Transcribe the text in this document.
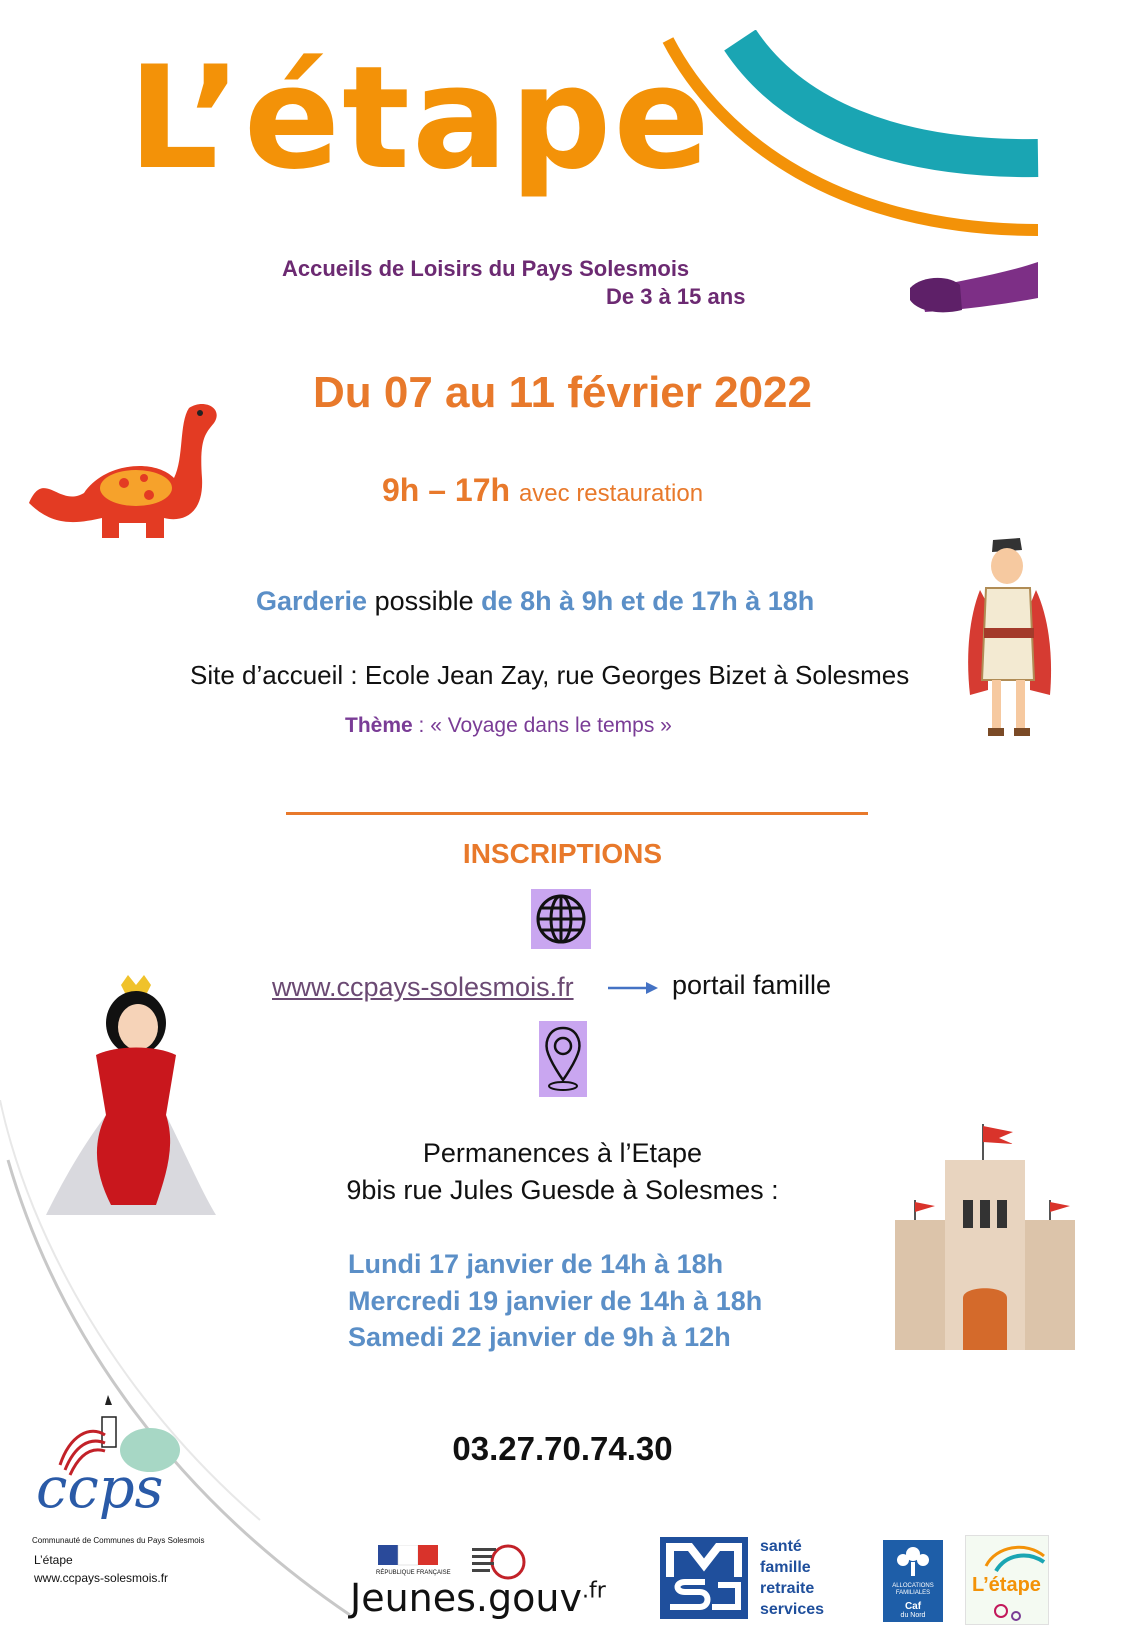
L’étape
Accueils de Loisirs du Pays Solesmois
De 3 à 15 ans
Du 07 au 11 février 2022
9h – 17h avec restauration
Garderie possible de 8h à 9h et de 17h à 18h
Site d’accueil : Ecole Jean Zay, rue Georges Bizet à Solesmes
Thème : « Voyage dans le temps »
INSCRIPTIONS
www.ccpays-solesmois.fr	portail famille
Permanences à l’Etape
9bis rue Jules Guesde à Solesmes :
Lundi 17 janvier de 14h à 18h
Mercredi 19 janvier de 14h à 18h
Samedi 22 janvier de 9h à 12h
03.27.70.74.30
ccps
Communauté de Communes du Pays Solesmois
L’étape
www.ccpays-solesmois.fr	RÉPUBLIQUE FRANÇAISE
Jeunes.gouv$^{.fr}$
santé
famille
retraite
services
ALLOCATIONS FAMILIALES
Caf
du Nord
L’étape
